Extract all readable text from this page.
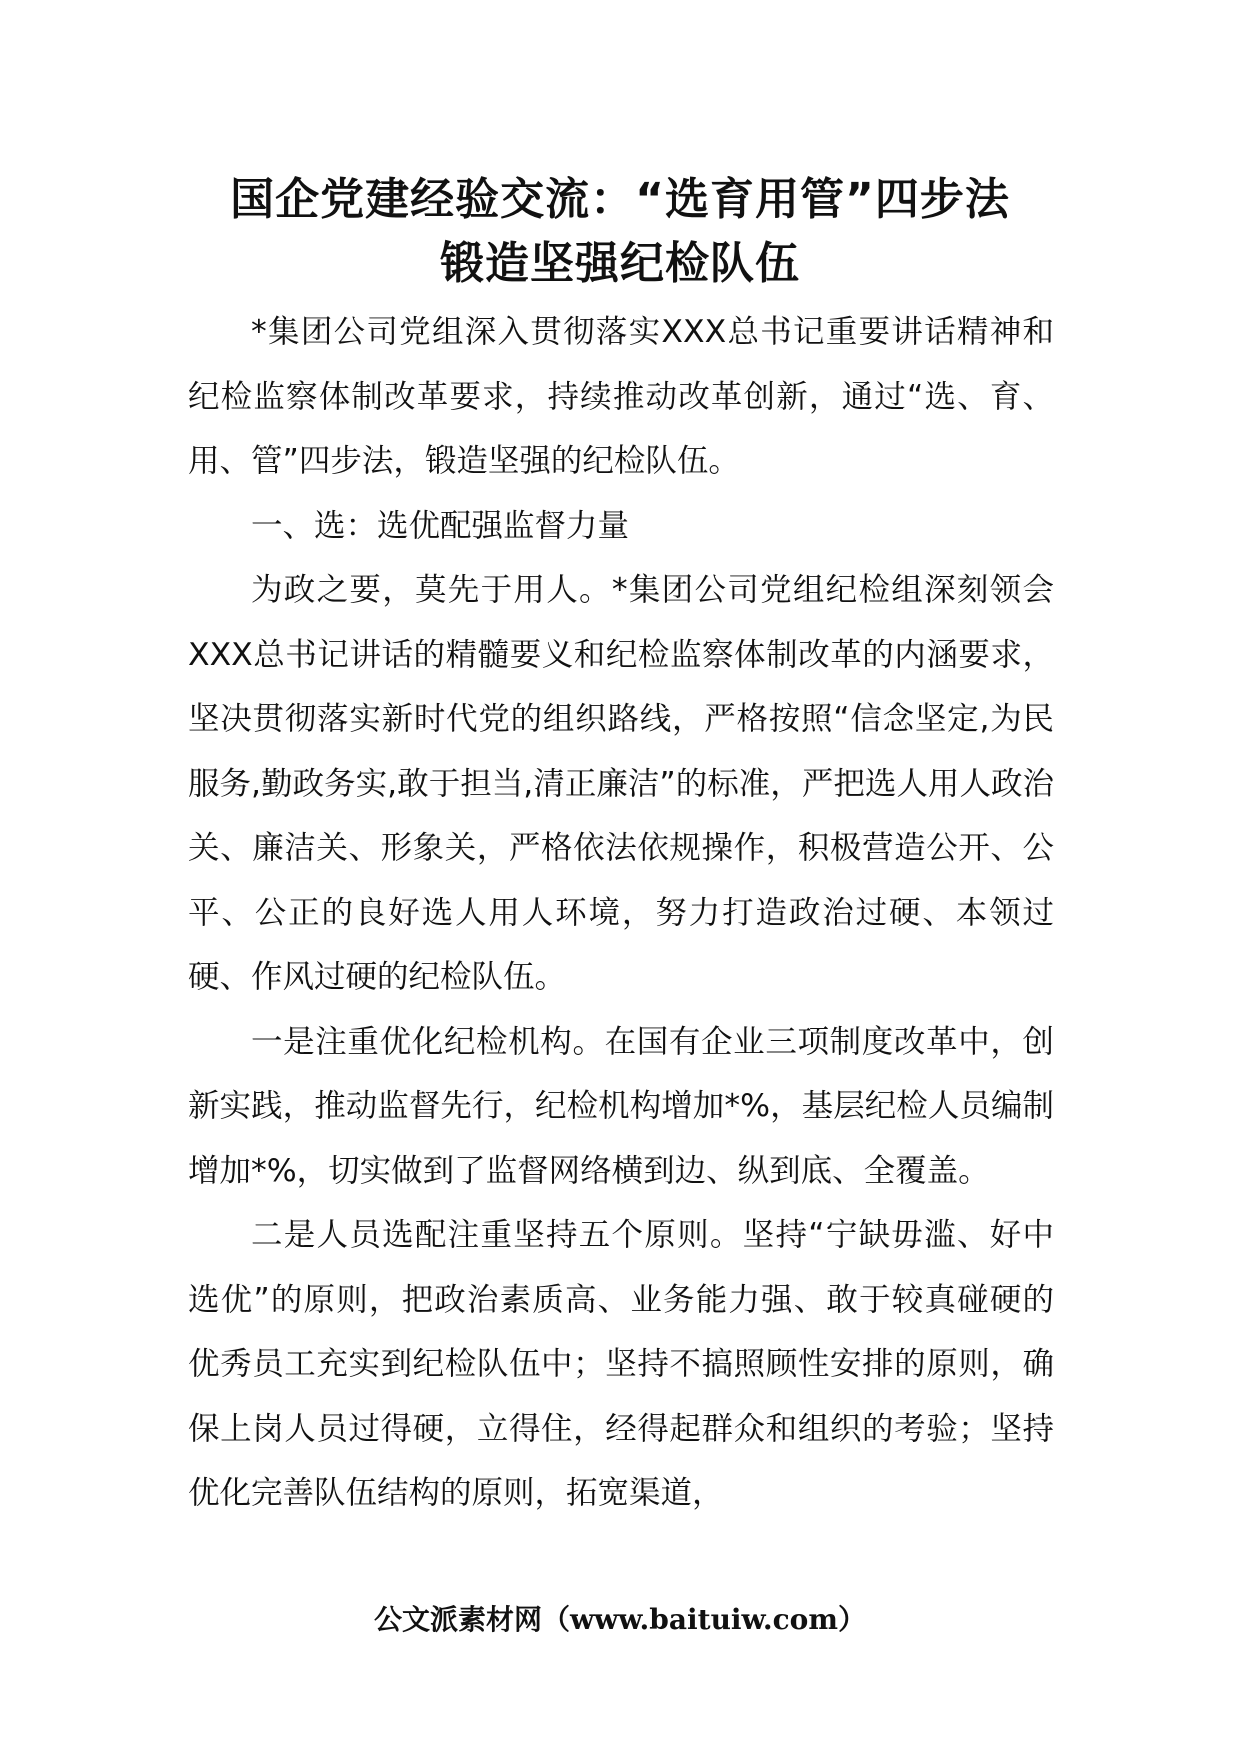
国企党建经验交流：“选育用管”四步法
锻造坚强纪检队伍

*集团公司党组深入贯彻落实XXX总书记重要讲话精神和纪检监察体制改革要求，持续推动改革创新，通过“选、育、用、管”四步法，锻造坚强的纪检队伍。

一、选：选优配强监督力量

为政之要，莫先于用人。*集团公司党组纪检组深刻领会XXX总书记讲话的精髓要义和纪检监察体制改革的内涵要求，坚决贯彻落实新时代党的组织路线，严格按照“信念坚定,为民服务,勤政务实,敢于担当,清正廉洁”的标准，严把选人用人政治关、廉洁关、形象关，严格依法依规操作，积极营造公开、公平、公正的良好选人用人环境，努力打造政治过硬、本领过硬、作风过硬的纪检队伍。

一是注重优化纪检机构。在国有企业三项制度改革中，创新实践，推动监督先行，纪检机构增加*%，基层纪检人员编制增加*%，切实做到了监督网络横到边、纵到底、全覆盖。

二是人员选配注重坚持五个原则。坚持“宁缺毋滥、好中选优”的原则，把政治素质高、业务能力强、敢于较真碰硬的优秀员工充实到纪检队伍中；坚持不搞照顾性安排的原则，确保上岗人员过得硬，立得住，经得起群众和组织的考验；坚持优化完善队伍结构的原则，拓宽渠道，

公文派素材网（www.baituiw.com）
